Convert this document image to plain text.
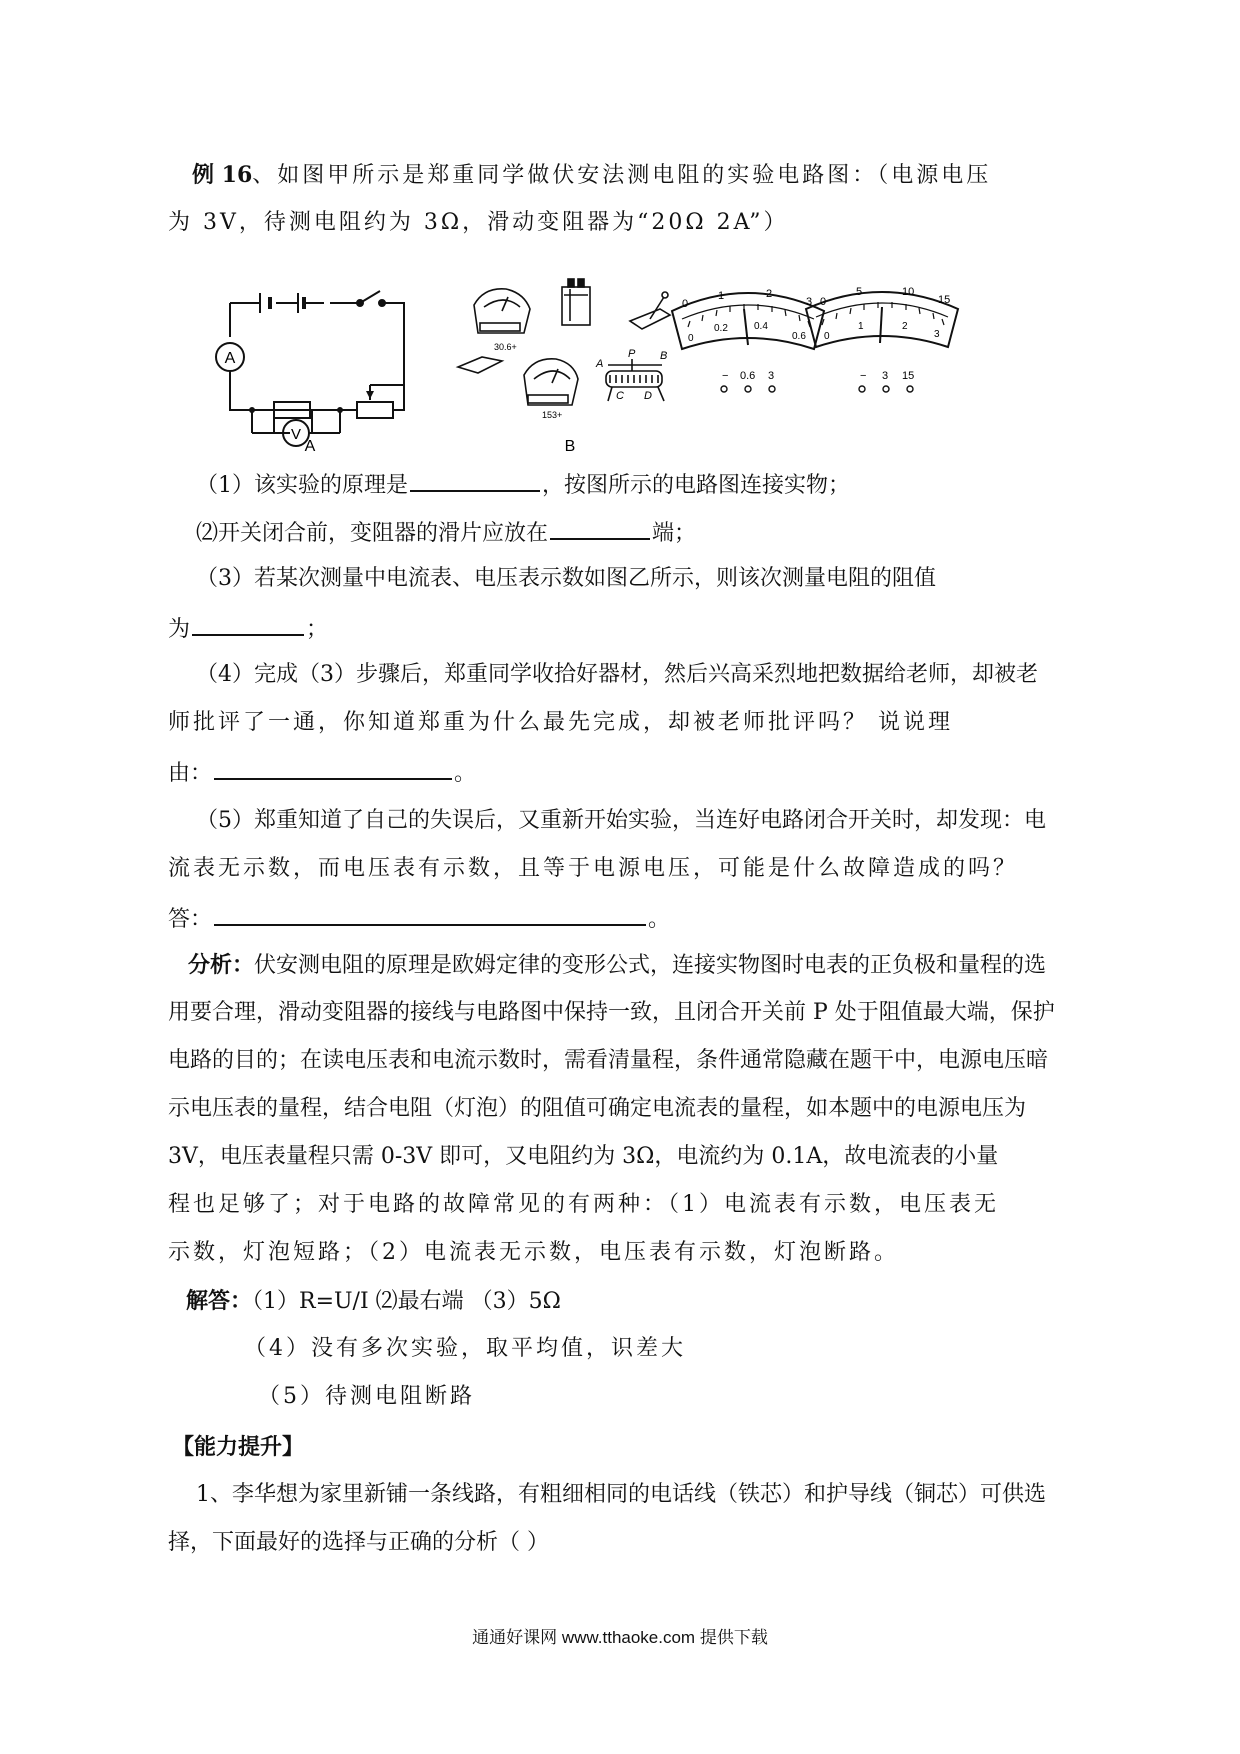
例 16、如图甲所示是郑重同学做伏安法测电阻的实验电路图：（电源电压
为 3V，待测电阻约为 3Ω，滑动变阻器为“20Ω 2A”）
A
V
A
30.6+
153+
A
P B
C D
B
0
1	2
3
0
0.2	0.4
0.6
− 0.6 3
0
5	10
15
0
1	2
3
− 3 15
（1）该实验的原理是	，按图所示的电路图连接实物；
⑵开关闭合前，变阻器的滑片应放在	端；
（3）若某次测量中电流表、电压表示数如图乙所示，则该次测量电阻的阻值
为	；
（4）完成（3）步骤后，郑重同学收拾好器材，然后兴高采烈地把数据给老师，却被老
师批评了一通，你知道郑重为什么最先完成，却被老师批评吗？ 说说理
由：	。
（5）郑重知道了自己的失误后，又重新开始实验，当连好电路闭合开关时，却发现：电
流表无示数，而电压表有示数，且等于电源电压，可能是什么故障造成的吗？
答：	。
分析：伏安测电阻的原理是欧姆定律的变形公式，连接实物图时电表的正负极和量程的选
用要合理，滑动变阻器的接线与电路图中保持一致，且闭合开关前 P 处于阻值最大端，保护
电路的目的；在读电压表和电流示数时，需看清量程，条件通常隐藏在题干中，电源电压暗
示电压表的量程，结合电阻（灯泡）的阻值可确定电流表的量程，如本题中的电源电压为
3V，电压表量程只需 0-3V 即可，又电阻约为 3Ω，电流约为 0.1A，故电流表的小量
程也足够了；对于电路的故障常见的有两种：（1）电流表有示数，电压表无
示数，灯泡短路；（2）电流表无示数，电压表有示数，灯泡断路。
解答：（1）R=U/I ⑵最右端 （3）5Ω
（4）没有多次实验，取平均值，识差大
（5）待测电阻断路
【能力提升】
1、李华想为家里新铺一条线路，有粗细相同的电话线（铁芯）和护导线（铜芯）可供选
择，下面最好的选择与正确的分析（ ）
通通好课网 www.tthaoke.com 提供下载
